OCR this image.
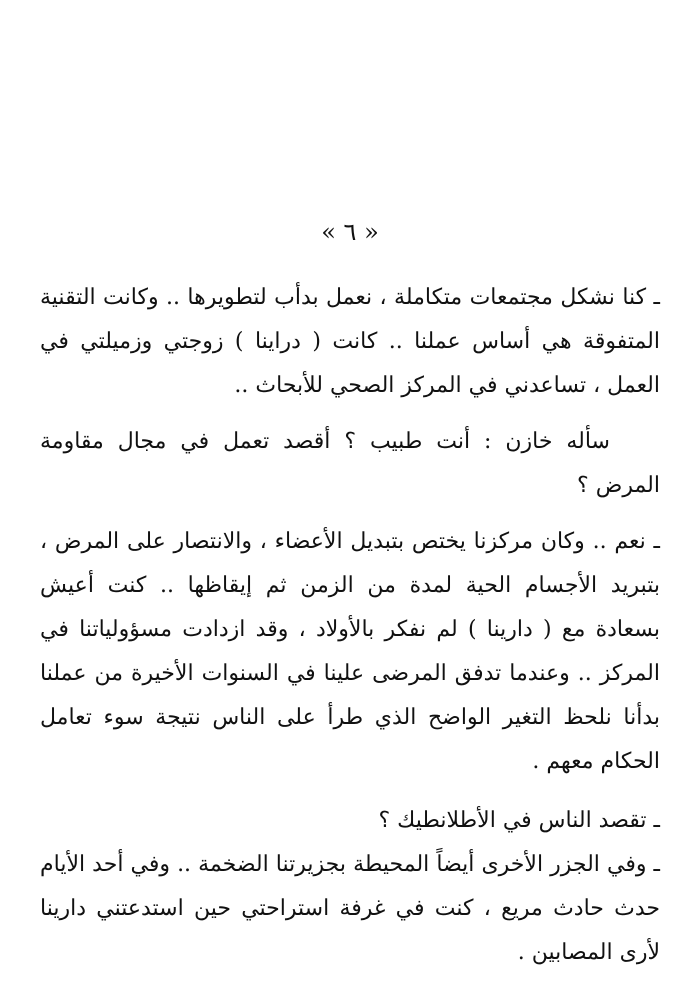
« ٦ »
ـ كنا نشكل مجتمعات متكاملة ، نعمل بدأب لتطويرها .. وكانت التقنية المتفوقة هي أساس عملنا .. كانت ( دراينا ) زوجتي وزميلتي في العمل ، تساعدني في المركز الصحي للأبحاث ..
سأله خازن : أنت طبيب ؟ أقصد تعمل في مجال مقاومة المرض ؟
ـ نعم .. وكان مركزنا يختص بتبديل الأعضاء ، والانتصار على المرض ، بتبريد الأجسام الحية لمدة من الزمن ثم إيقاظها .. كنت أعيش بسعادة مع ( دارينا ) لم نفكر بالأولاد ، وقد ازدادت مسؤولياتنا في المركز .. وعندما تدفق المرضى علينا في السنوات الأخيرة من عملنا بدأنا نلحظ التغير الواضح الذي طرأ على الناس نتيجة سوء تعامل الحكام معهم .
ـ تقصد الناس في الأطلانطيك ؟
ـ وفي الجزر الأخرى أيضاً المحيطة بجزيرتنا الضخمة .. وفي أحد الأيام حدث حادث مريع ، كنت في غرفة استراحتي حين استدعتني دارينا لأرى المصابين .
